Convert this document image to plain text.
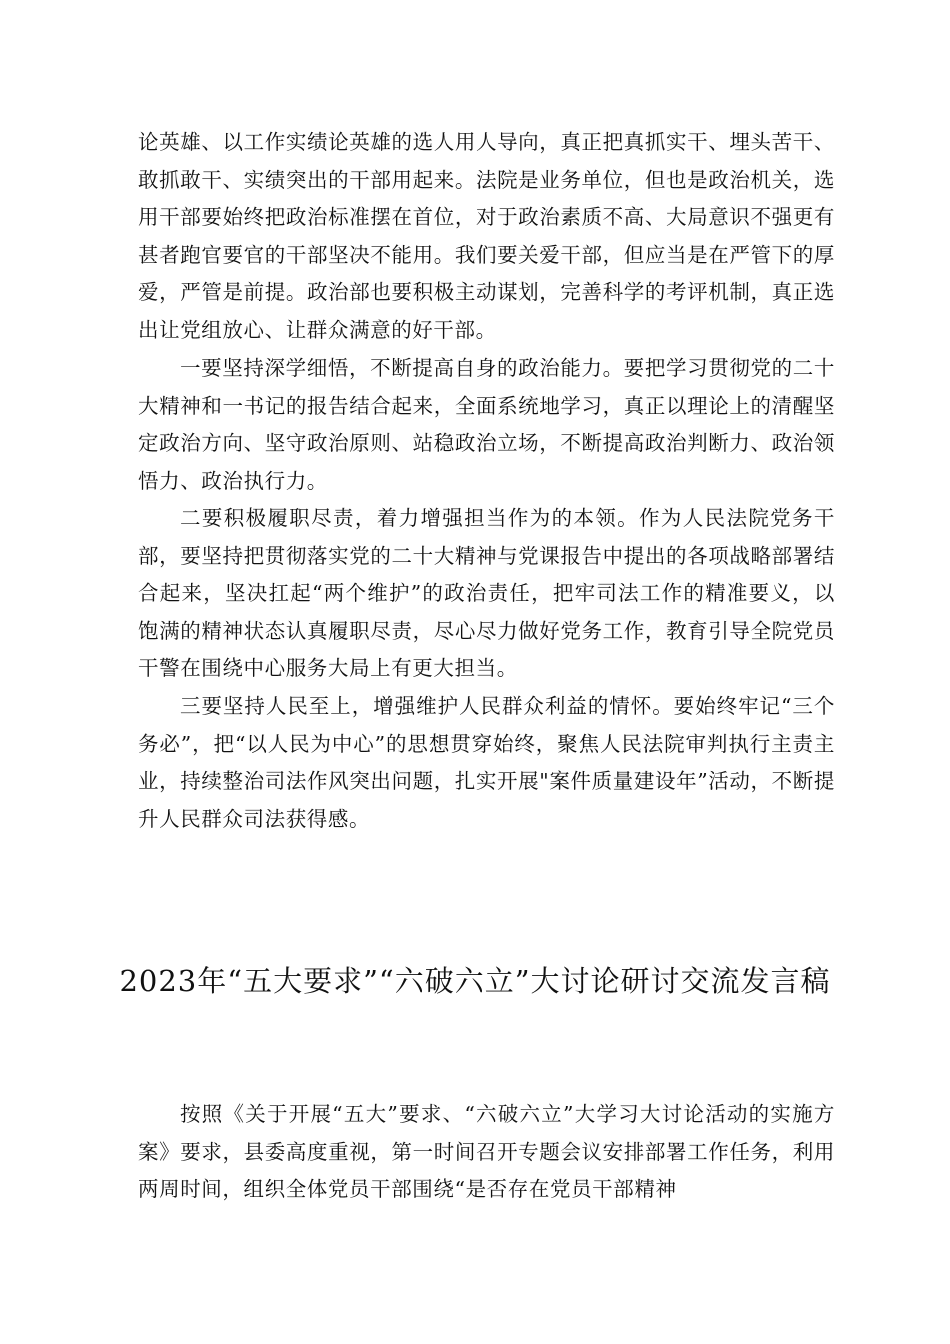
论英雄、以工作实绩论英雄的选人用人导向，真正把真抓实干、埋头苦干、敢抓敢干、实绩突出的干部用起来。法院是业务单位，但也是政治机关，选用干部要始终把政治标准摆在首位，对于政治素质不高、大局意识不强更有甚者跑官要官的干部坚决不能用。我们要关爱干部，但应当是在严管下的厚爱，严管是前提。政治部也要积极主动谋划，完善科学的考评机制，真正选出让党组放心、让群众满意的好干部。

一要坚持深学细悟，不断提高自身的政治能力。要把学习贯彻党的二十大精神和一书记的报告结合起来，全面系统地学习，真正以理论上的清醒坚定政治方向、坚守政治原则、站稳政治立场，不断提高政治判断力、政治领悟力、政治执行力。

二要积极履职尽责，着力增强担当作为的本领。作为人民法院党务干部，要坚持把贯彻落实党的二十大精神与党课报告中提出的各项战略部署结合起来，坚决扛起“两个维护”的政治责任，把牢司法工作的精准要义，以饱满的精神状态认真履职尽责，尽心尽力做好党务工作，教育引导全院党员干警在围绕中心服务大局上有更大担当。

三要坚持人民至上，增强维护人民群众利益的情怀。要始终牢记“三个务必”，把“以人民为中心”的思想贯穿始终，聚焦人民法院审判执行主责主业，持续整治司法作风突出问题，扎实开展"案件质量建设年”活动，不断提升人民群众司法获得感。

2023年“五大要求”“六破六立”大讨论研讨交流发言稿

按照《关于开展“五大”要求、“六破六立”大学习大讨论活动的实施方案》要求，县委高度重视，第一时间召开专题会议安排部署工作任务，利用两周时间，组织全体党员干部围绕“是否存在党员干部精神
